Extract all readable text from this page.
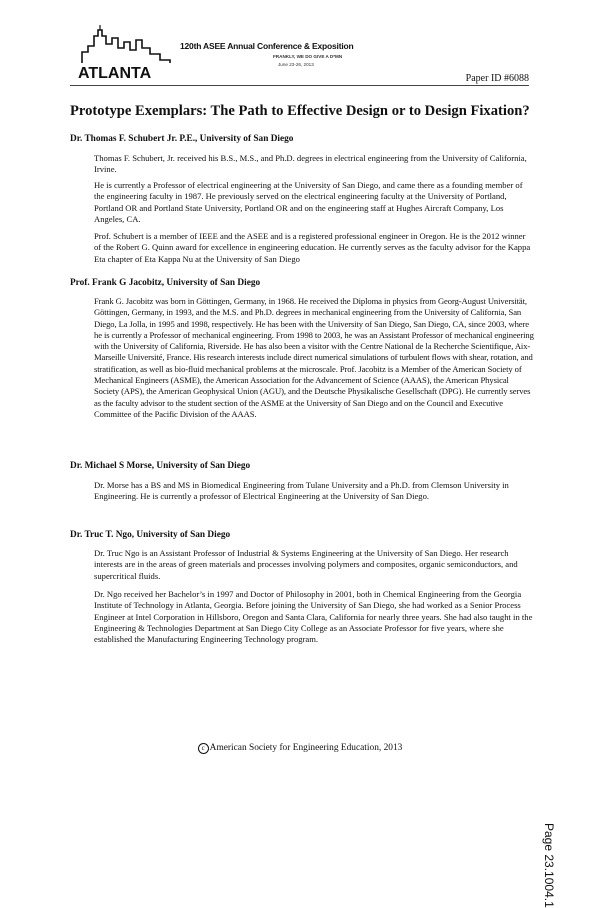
ATLANTA
120th ASEE Annual Conference & Exposition
FRANKLY, WE DO GIVE A D*MN
June 23-26, 2013
Paper ID #6088
Prototype Exemplars: The Path to Effective Design or to Design Fixation?
Dr. Thomas F. Schubert Jr. P.E., University of San Diego
Thomas F. Schubert, Jr. received his B.S., M.S., and Ph.D. degrees in electrical engineering from the University of California, Irvine.
He is currently a Professor of electrical engineering at the University of San Diego, and came there as a founding member of the engineering faculty in 1987. He previously served on the electrical engineering faculty at the University of Portland, Portland OR and Portland State University, Portland OR and on the engineering staff at Hughes Aircraft Company, Los Angeles, CA.
Prof. Schubert is a member of IEEE and the ASEE and is a registered professional engineer in Oregon. He is the 2012 winner of the Robert G. Quinn award for excellence in engineering education. He currently serves as the faculty advisor for the Kappa Eta chapter of Eta Kappa Nu at the University of San Diego
Prof. Frank G Jacobitz, University of San Diego
Frank G. Jacobitz was born in Göttingen, Germany, in 1968. He received the Diploma in physics from Georg-August Universität, Göttingen, Germany, in 1993, and the M.S. and Ph.D. degrees in mechanical engineering from the University of California, San Diego, La Jolla, in 1995 and 1998, respectively. He has been with the University of San Diego, San Diego, CA, since 2003, where he is currently a Professor of mechanical engineering. From 1998 to 2003, he was an Assistant Professor of mechanical engineering with the University of California, Riverside. He has also been a visitor with the Centre National de la Recherche Scientifique, Aix-Marseille Université, France. His research interests include direct numerical simulations of turbulent flows with shear, rotation, and stratification, as well as bio-fluid mechanical problems at the microscale. Prof. Jacobitz is a Member of the American Society of Mechanical Engineers (ASME), the American Association for the Advancement of Science (AAAS), the American Physical Society (APS), the American Geophysical Union (AGU), and the Deutsche Physikalische Gesellschaft (DPG). He currently serves as the faculty advisor to the student section of the ASME at the University of San Diego and on the Council and Executive Committee of the Pacific Division of the AAAS.
Dr. Michael S Morse, University of San Diego
Dr. Morse has a BS and MS in Biomedical Engineering from Tulane University and a Ph.D. from Clemson University in Engineering. He is currently a professor of Electrical Engineering at the University of San Diego.
Dr. Truc T. Ngo, University of San Diego
Dr. Truc Ngo is an Assistant Professor of Industrial & Systems Engineering at the University of San Diego. Her research interests are in the areas of green materials and processes involving polymers and composites, organic semiconductors, and supercritical fluids.
Dr. Ngo received her Bachelor’s in 1997 and Doctor of Philosophy in 2001, both in Chemical Engineering from the Georgia Institute of Technology in Atlanta, Georgia. Before joining the University of San Diego, she had worked as a Senior Process Engineer at Intel Corporation in Hillsboro, Oregon and Santa Clara, California for nearly three years. She had also taught in the Engineering & Technologies Department at San Diego City College as an Associate Professor for five years, where she established the Manufacturing Engineering Technology program.
Page 23.1004.1
c American Society for Engineering Education, 2013
